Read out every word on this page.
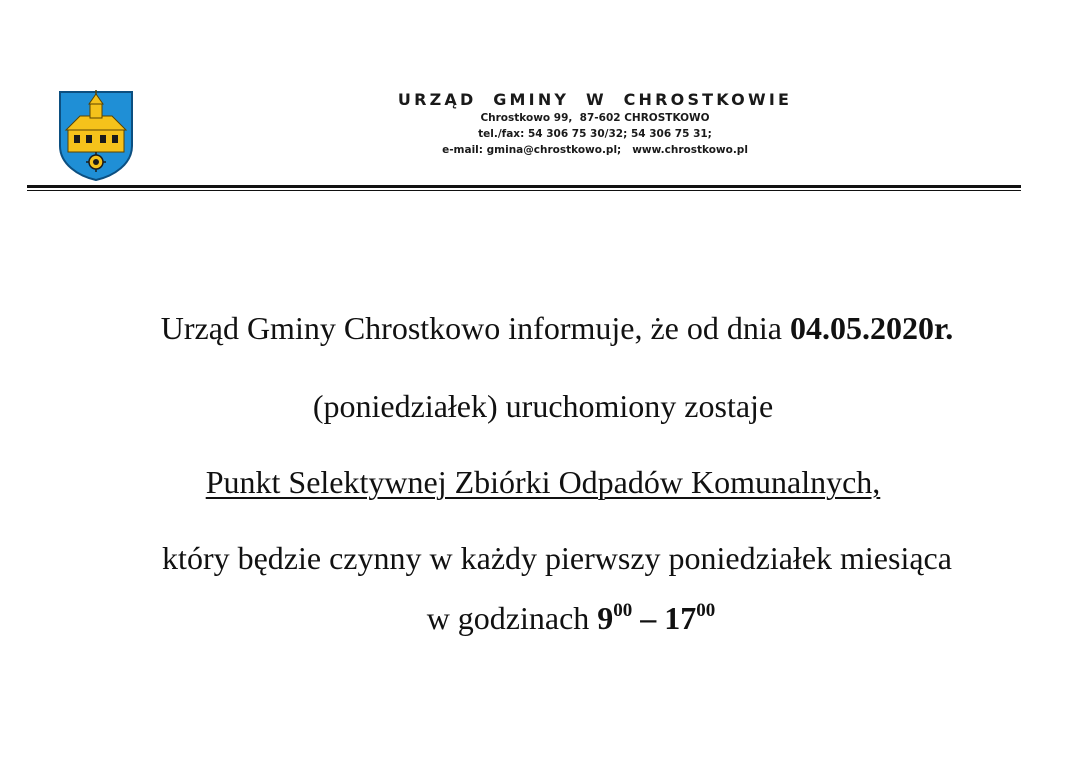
URZĄD GMINY W CHROSTKOWIE
Chrostkowo 99,  87-602 CHROSTKOWO
tel./fax: 54 306 75 30/32; 54 306 75 31;
e-mail: gmina@chrostkowo.pl;   www.chrostkowo.pl

Urząd Gminy Chrostkowo informuje, że od dnia 04.05.2020r.

(poniedziałek) uruchomiony zostaje

Punkt Selektywnej Zbiórki Odpadów Komunalnych,

który będzie czynny w każdy pierwszy poniedziałek miesiąca

w godzinach $9^{00} - 17^{00}$
